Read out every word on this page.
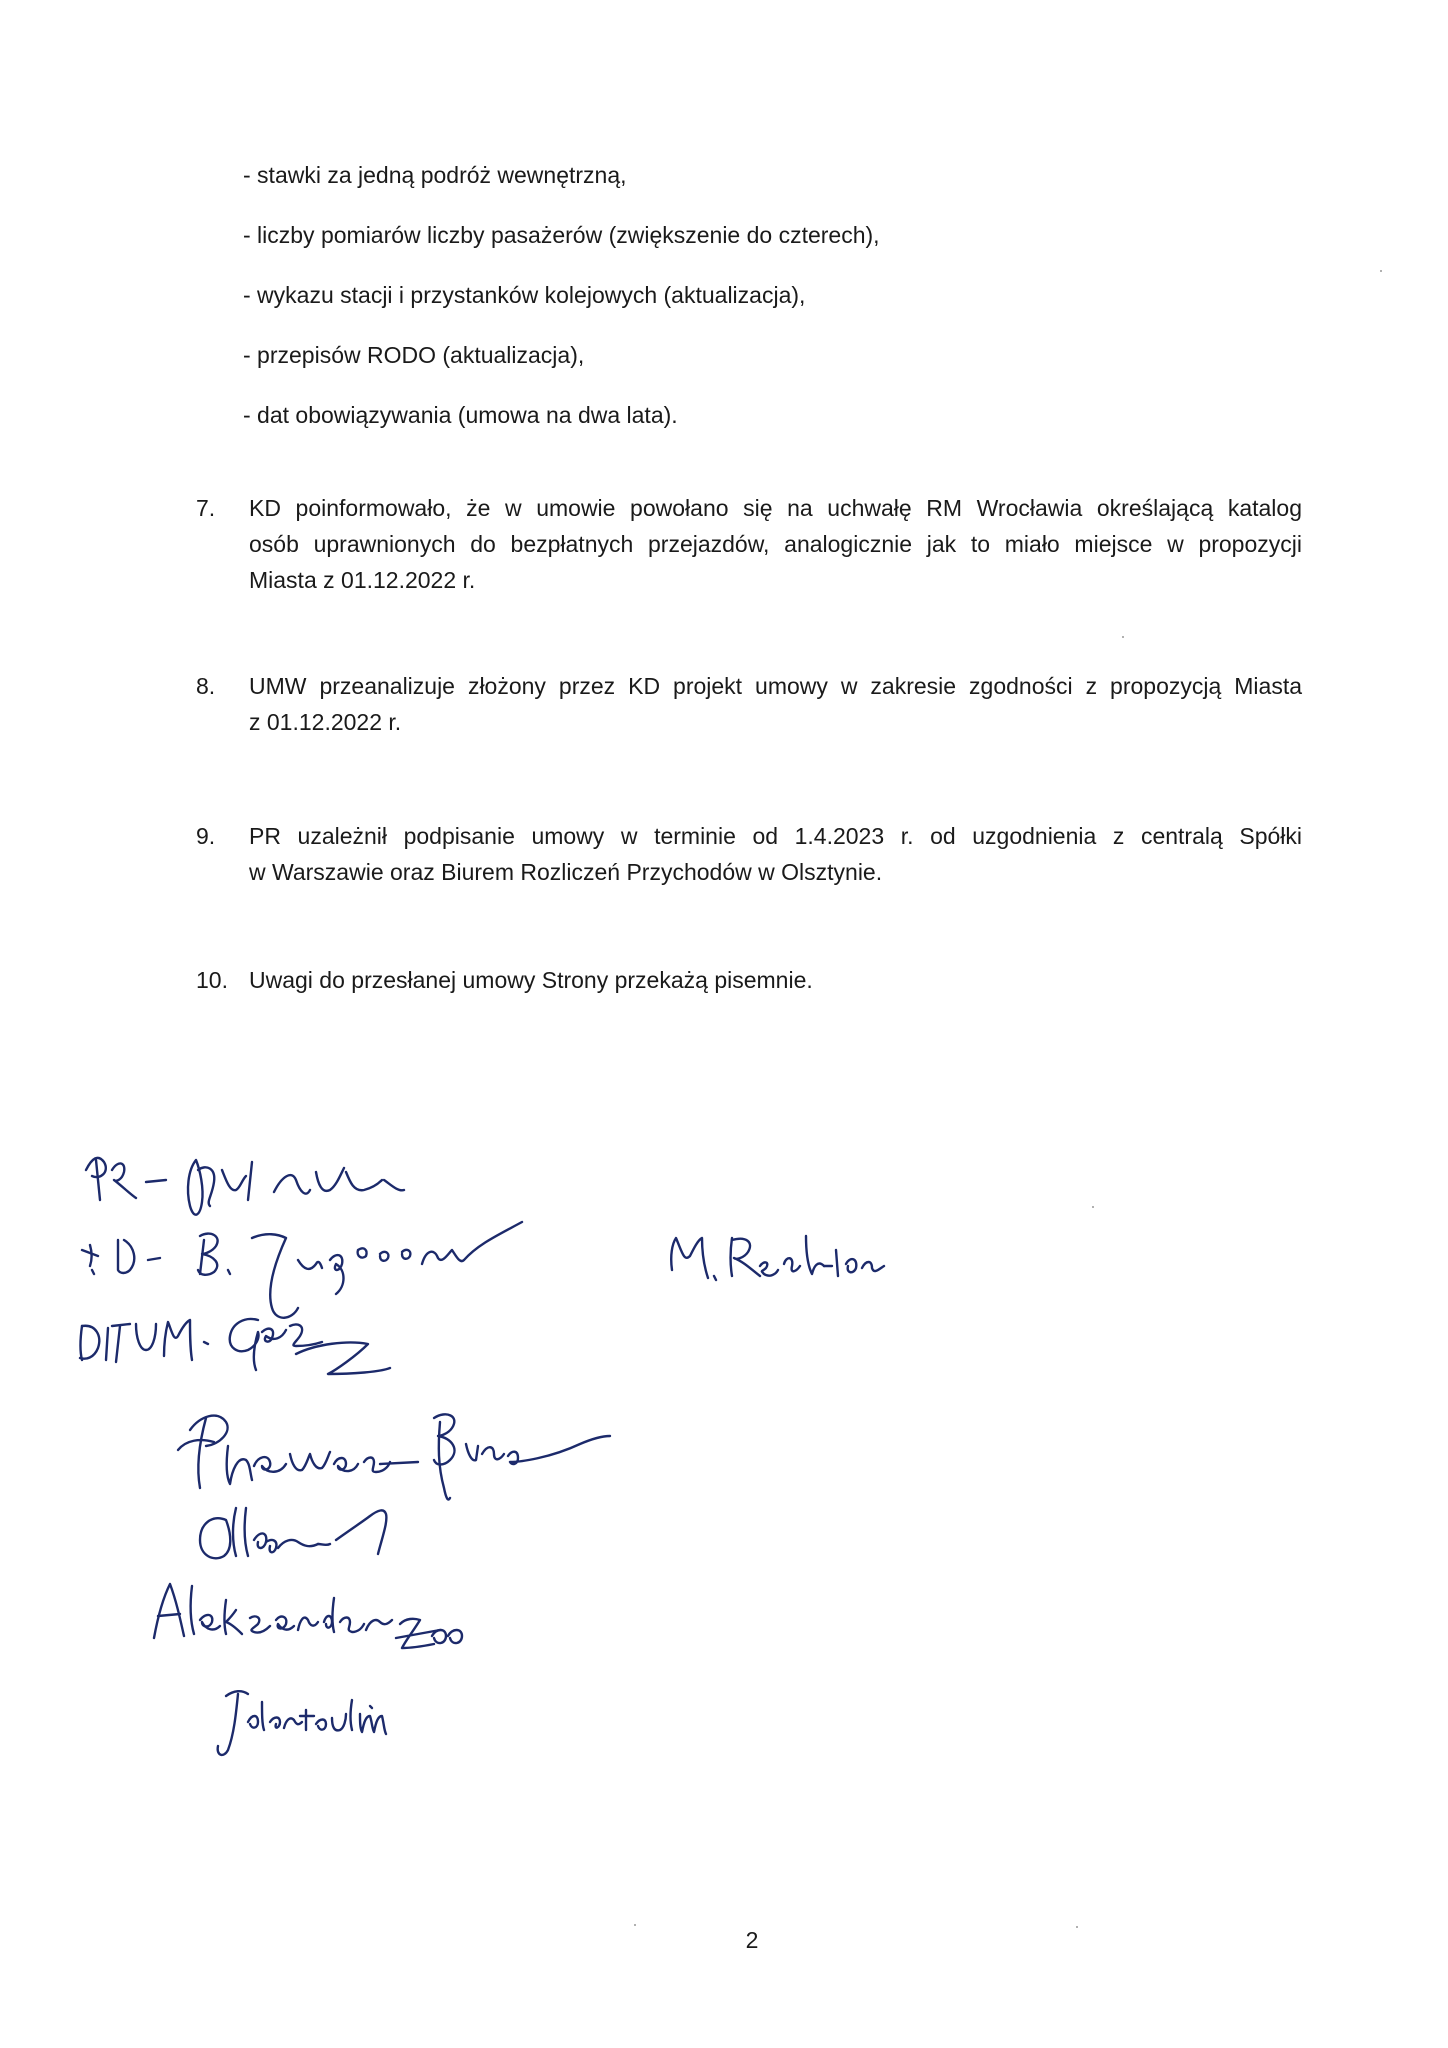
- stawki za jedną podróż wewnętrzną,
- liczby pomiarów liczby pasażerów (zwiększenie do czterech),
- wykazu stacji i przystanków kolejowych (aktualizacja),
- przepisów RODO (aktualizacja),
- dat obowiązywania (umowa na dwa lata).
7.	KD poinformowało, że w umowie powołano się na uchwałę RM Wrocławia określającą katalog
osób uprawnionych do bezpłatnych przejazdów, analogicznie jak to miało miejsce w propozycji
Miasta z 01.12.2022 r.
8.	UMW przeanalizuje złożony przez KD projekt umowy w zakresie zgodności z propozycją Miasta
z 01.12.2022 r.
9.	PR uzależnił podpisanie umowy w terminie od 1.4.2023 r. od uzgodnienia z centralą Spółki
w Warszawie oraz Biurem Rozliczeń Przychodów w Olsztynie.
10. Uwagi do przesłanej umowy Strony przekażą pisemnie.
2
